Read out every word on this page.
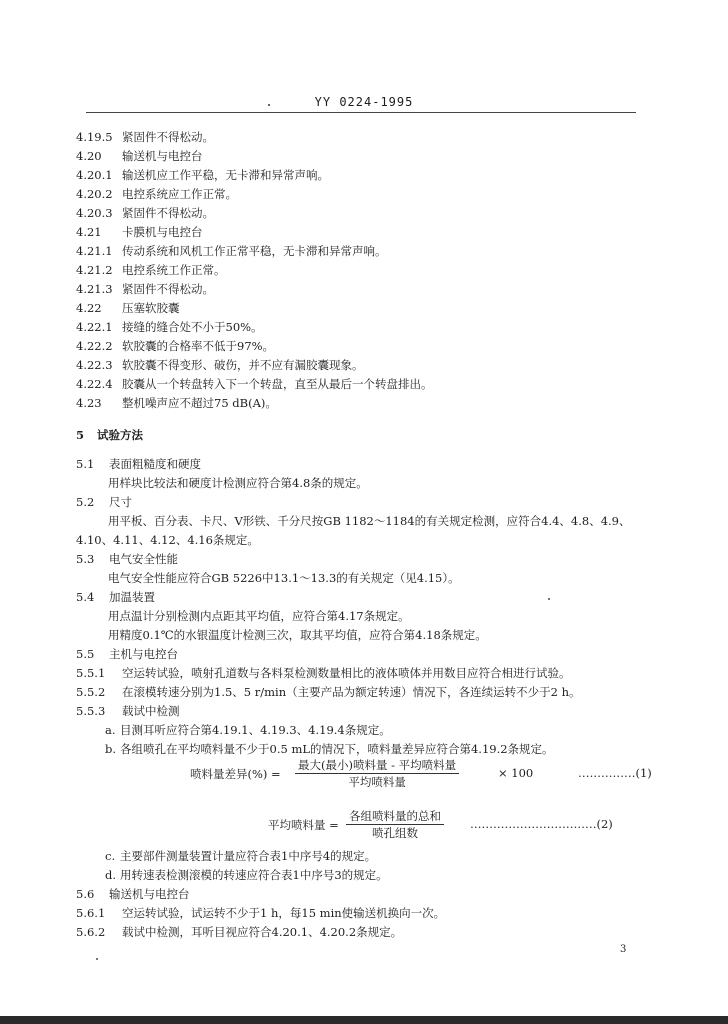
YY 0224-1995
4.19.5 紧固件不得松动。
4.20 输送机与电控台
4.20.1 输送机应工作平稳，无卡滞和异常声响。
4.20.2 电控系统应工作正常。
4.20.3 紧固件不得松动。
4.21 卡膜机与电控台
4.21.1 传动系统和风机工作正常平稳，无卡滞和异常声响。
4.21.2 电控系统工作正常。
4.21.3 紧固件不得松动。
4.22 压塞软胶囊
4.22.1 接缝的缝合处不小于50%。
4.22.2 软胶囊的合格率不低于97%。
4.22.3 软胶囊不得变形、破伤，并不应有漏胶囊现象。
4.22.4 胶囊从一个转盘转入下一个转盘，直至从最后一个转盘排出。
4.23 整机噪声应不超过75 dB(A)。
5 试验方法
5.1 表面粗糙度和硬度
用样块比较法和硬度计检测应符合第4.8条的规定。
5.2 尺寸
用平板、百分表、卡尺、V形铁、千分尺按GB 1182～1184的有关规定检测，应符合4.4、4.8、4.9、
4.10、4.11、4.12、4.16条规定。
5.3 电气安全性能
电气安全性能应符合GB 5226中13.1～13.3的有关规定（见4.15）。
5.4 加温装置
用点温计分别检测内点距其平均值，应符合第4.17条规定。
用精度0.1℃的水银温度计检测三次，取其平均值，应符合第4.18条规定。
5.5 主机与电控台
5.5.1 空运转试验，喷射孔道数与各料泵检测数量相比的液体喷体并用数目应符合相进行试验。
5.5.2 在滚模转速分别为1.5、5 r/min（主要产品为额定转速）情况下，各连续运转不少于2 h。
5.5.3 载试中检测
a. 目测耳听应符合第4.19.1、4.19.3、4.19.4条规定。
b. 各组喷孔在平均喷料量不少于0.5 mL的情况下，喷料量差异应符合第4.19.2条规定。
喷料量差异(%) =
最大(最小)喷料量 - 平均喷料量
平均喷料量
× 100	……………(1)
平均喷料量 =
各组喷料量的总和
喷孔组数
……………………………(2)
c. 主要部件测量装置计量应符合表1中序号4的规定。
d. 用转速表检测滚模的转速应符合表1中序号3的规定。
5.6 输送机与电控台
5.6.1 空运转试验，试运转不少于1 h，每15 min使输送机换向一次。
5.6.2 载试中检测，耳听目视应符合4.20.1、4.20.2条规定。
3
